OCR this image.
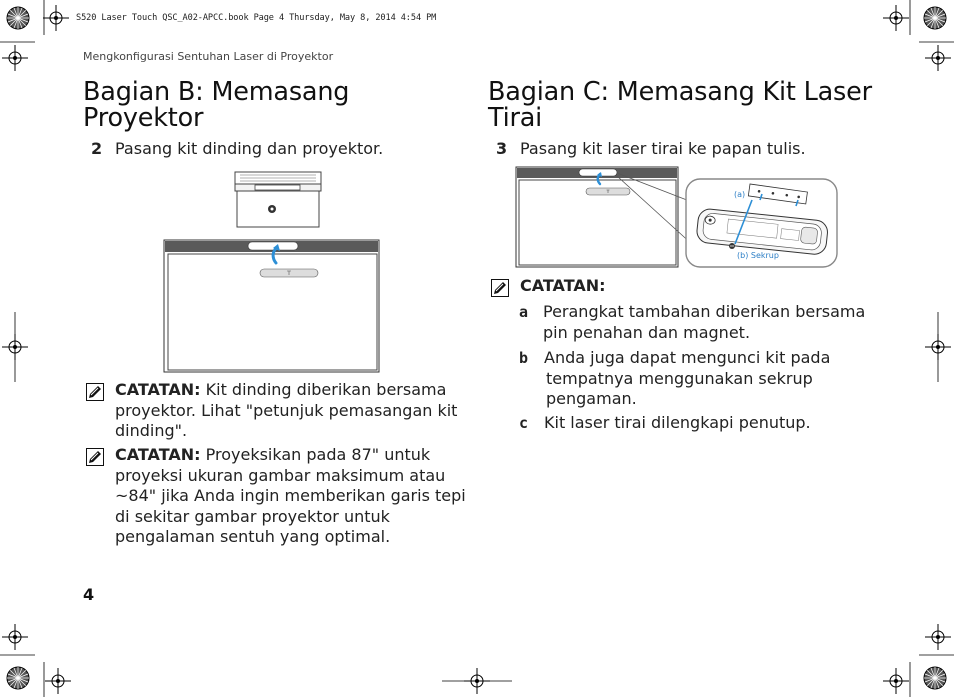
S520 Laser Touch QSC_A02-APCC.book Page 4 Thursday, May 8, 2014 4:54 PM
Mengkonfigurasi Sentuhan Laser di Proyektor
Bagian B: Memasang
Proyektor
2 Pasang kit dinding dan proyektor.
CATATAN: Kit dinding diberikan bersama
proyektor. Lihat "petunjuk pemasangan kit
dinding".
CATATAN: Proyeksikan pada 87" untuk
proyeksi ukuran gambar maksimum atau
~84" jika Anda ingin memberikan garis tepi
di sekitar gambar proyektor untuk
pengalaman sentuh yang optimal.
4
Bagian C: Memasang Kit Laser
Tirai
3 Pasang kit laser tirai ke papan tulis.
(a)
(b) Sekrup
CATATAN:
a Perangkat tambahan diberikan bersama
pin penahan dan magnet.
b Anda juga dapat mengunci kit pada
tempatnya menggunakan sekrup
pengaman.
c Kit laser tirai dilengkapi penutup.
